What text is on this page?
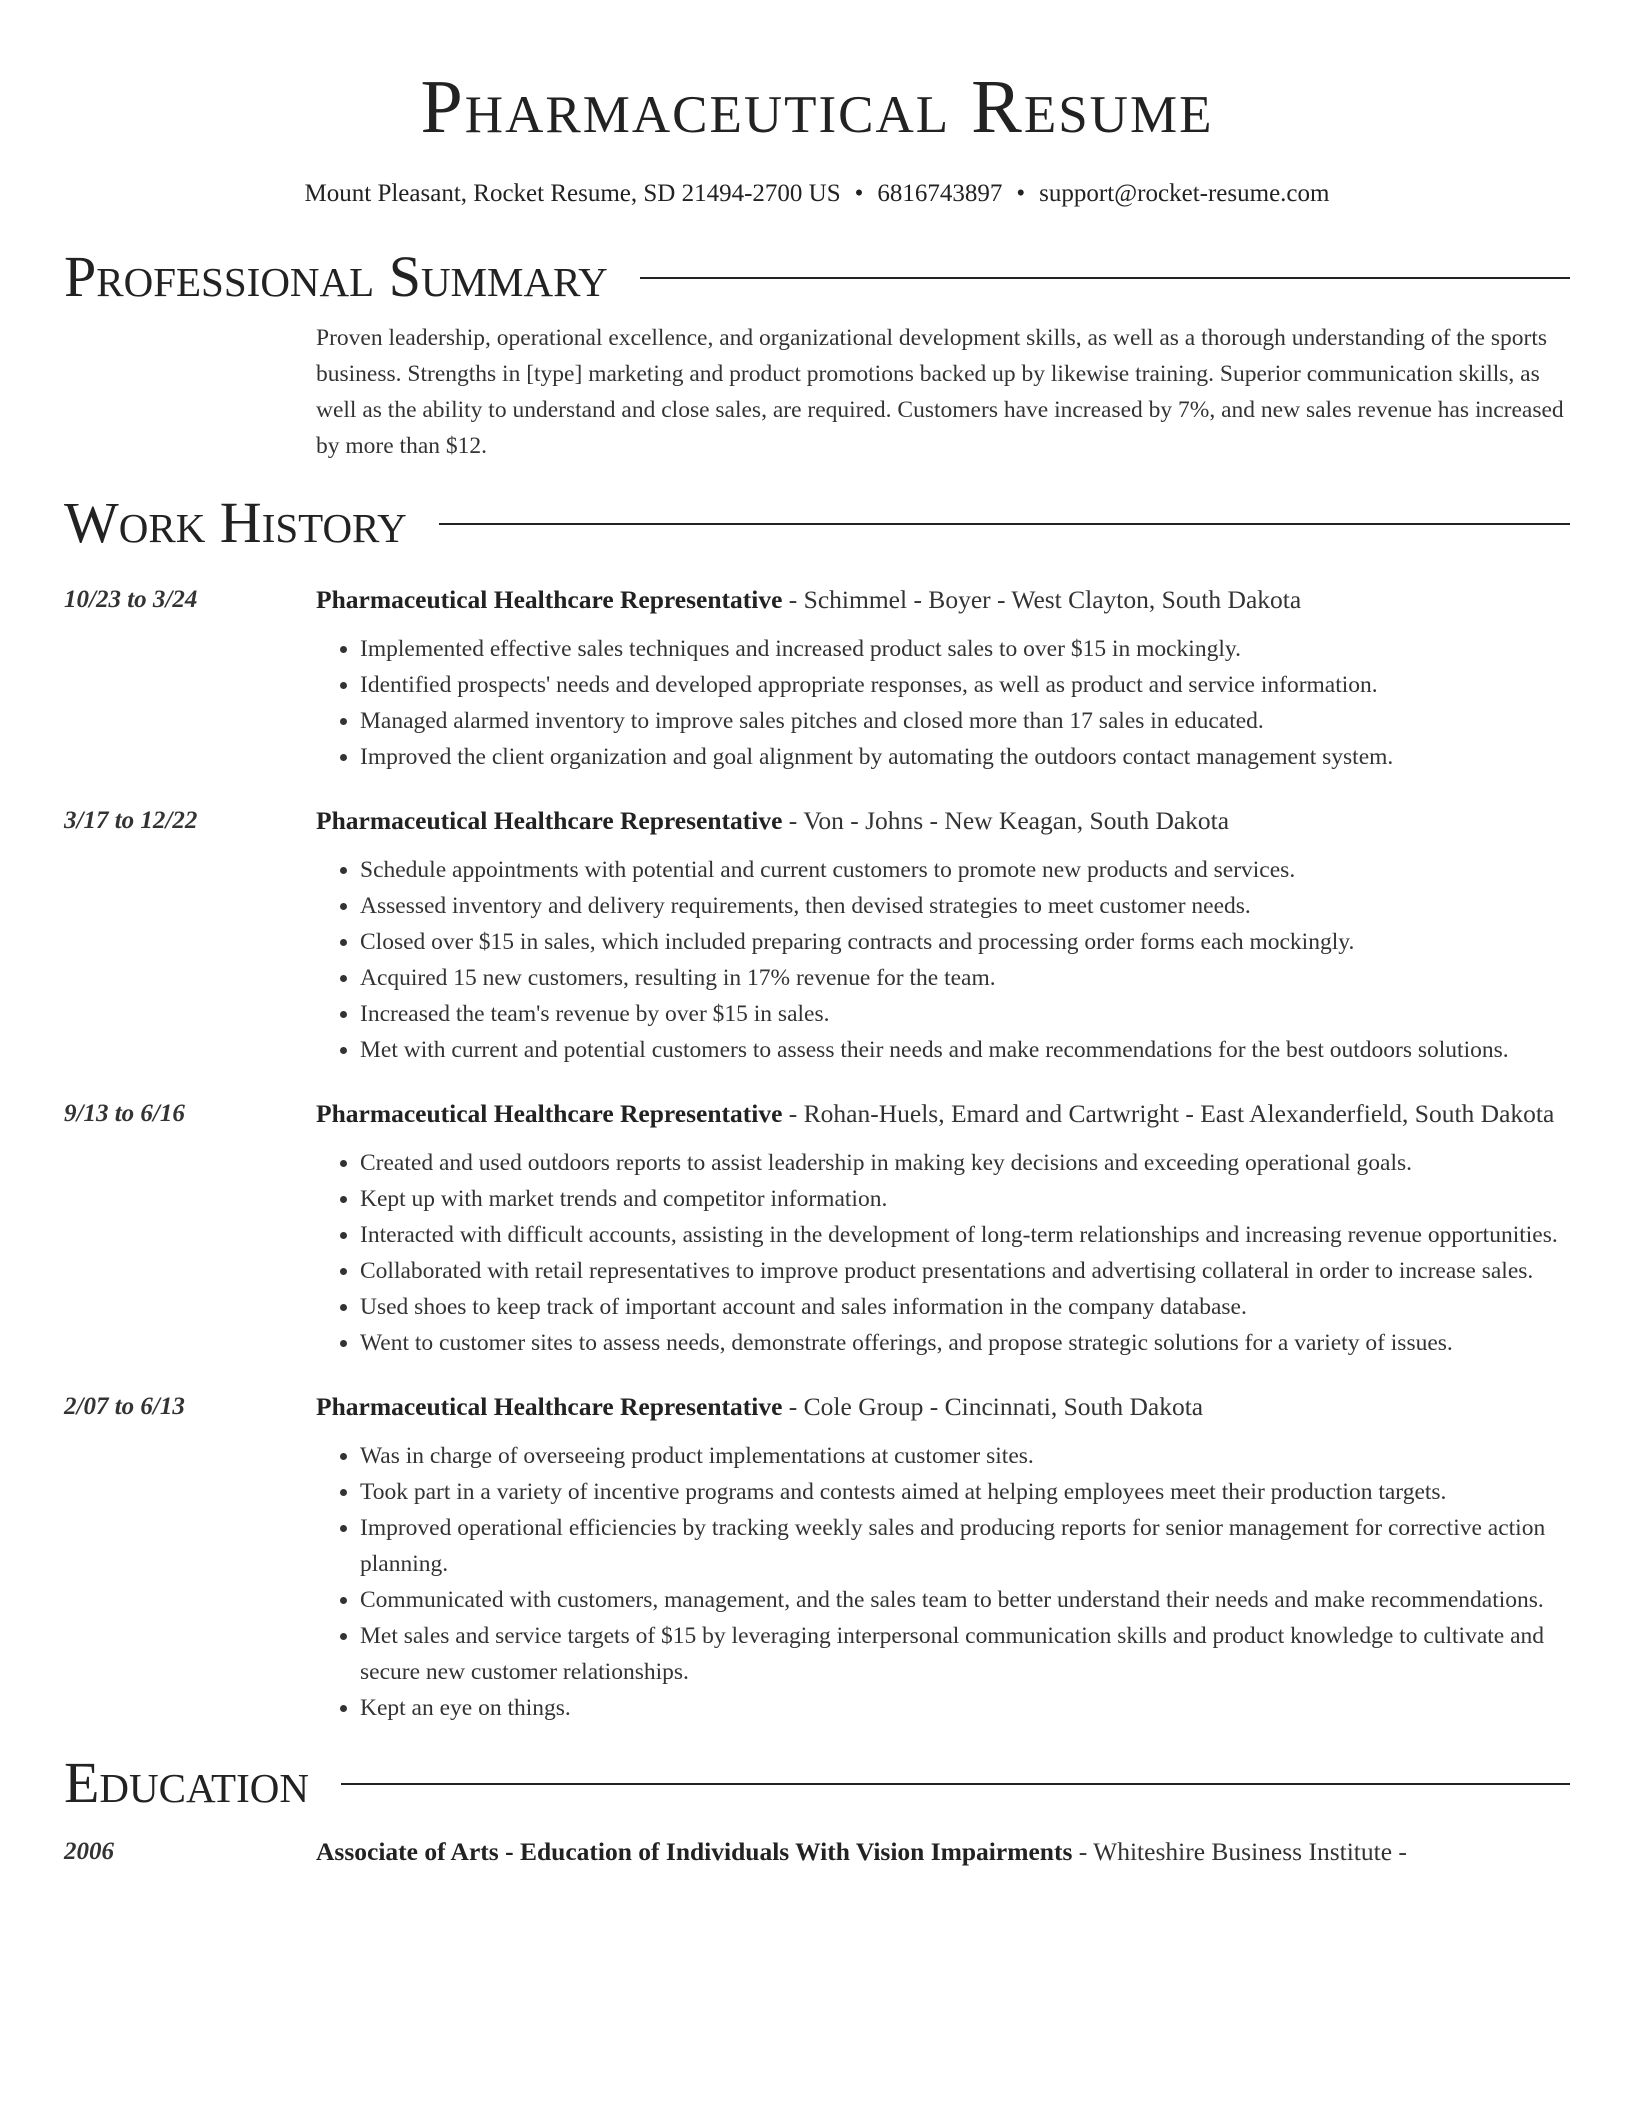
Pharmaceutical Resume
Mount Pleasant, Rocket Resume, SD 21494-2700 US • 6816743897 • support@rocket-resume.com
Professional Summary

Proven leadership, operational excellence, and organizational development skills, as well as a thorough understanding of the sports business. Strengths in [type] marketing and product promotions backed up by likewise training. Superior communication skills, as well as the ability to understand and close sales, are required. Customers have increased by 7%, and new sales revenue has increased by more than $12.

Work History
10/23 to 3/24	Pharmaceutical Healthcare Representative - Schimmel - Boyer - West Clayton, South Dakota
• Implemented effective sales techniques and increased product sales to over $15 in mockingly.
• Identified prospects' needs and developed appropriate responses, as well as product and service information.
• Managed alarmed inventory to improve sales pitches and closed more than 17 sales in educated.
• Improved the client organization and goal alignment by automating the outdoors contact management system.
3/17 to 12/22	Pharmaceutical Healthcare Representative - Von - Johns - New Keagan, South Dakota
• Schedule appointments with potential and current customers to promote new products and services.
• Assessed inventory and delivery requirements, then devised strategies to meet customer needs.
• Closed over $15 in sales, which included preparing contracts and processing order forms each mockingly.
• Acquired 15 new customers, resulting in 17% revenue for the team.
• Increased the team's revenue by over $15 in sales.
• Met with current and potential customers to assess their needs and make recommendations for the best outdoors solutions.
9/13 to 6/16	Pharmaceutical Healthcare Representative - Rohan-Huels, Emard and Cartwright - East Alexanderfield, South Dakota
• Created and used outdoors reports to assist leadership in making key decisions and exceeding operational goals.
• Kept up with market trends and competitor information.
• Interacted with difficult accounts, assisting in the development of long-term relationships and increasing revenue opportunities.
• Collaborated with retail representatives to improve product presentations and advertising collateral in order to increase sales.
• Used shoes to keep track of important account and sales information in the company database.
• Went to customer sites to assess needs, demonstrate offerings, and propose strategic solutions for a variety of issues.
2/07 to 6/13	Pharmaceutical Healthcare Representative - Cole Group - Cincinnati, South Dakota
• Was in charge of overseeing product implementations at customer sites.
• Took part in a variety of incentive programs and contests aimed at helping employees meet their production targets.
• Improved operational efficiencies by tracking weekly sales and producing reports for senior management for corrective action planning.
• Communicated with customers, management, and the sales team to better understand their needs and make recommendations.
• Met sales and service targets of $15 by leveraging interpersonal communication skills and product knowledge to cultivate and secure new customer relationships.
• Kept an eye on things.
Education
2006	Associate of Arts - Education of Individuals With Vision Impairments - Whiteshire Business Institute -
